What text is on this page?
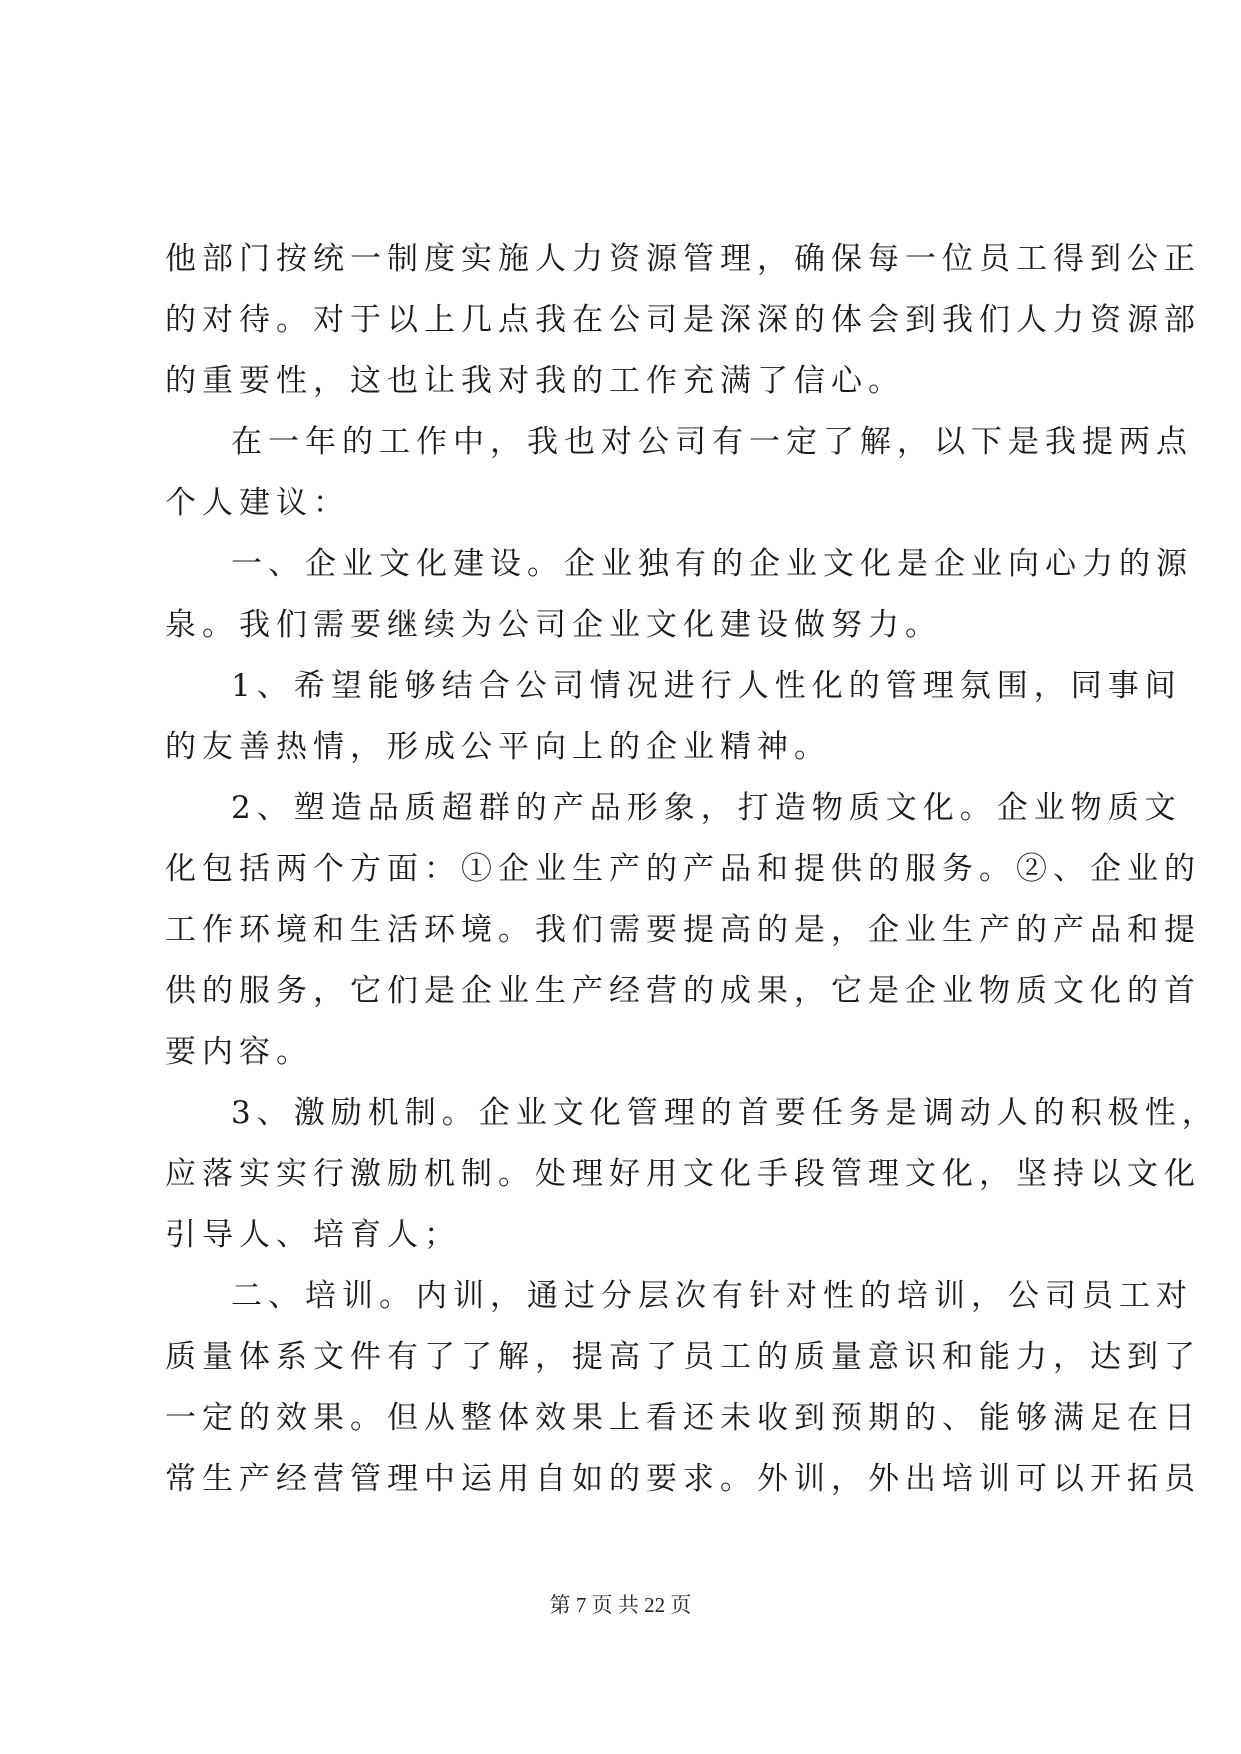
他部门按统一制度实施人力资源管理，确保每一位员工得到公正
的对待。对于以上几点我在公司是深深的体会到我们人力资源部
的重要性，这也让我对我的工作充满了信心。
在一年的工作中，我也对公司有一定了解，以下是我提两点
个人建议：
一、企业文化建设。企业独有的企业文化是企业向心力的源
泉。我们需要继续为公司企业文化建设做努力。
1、希望能够结合公司情况进行人性化的管理氛围，同事间
的友善热情，形成公平向上的企业精神。
2、塑造品质超群的产品形象，打造物质文化。企业物质文
化包括两个方面：①企业生产的产品和提供的服务。②、企业的
工作环境和生活环境。我们需要提高的是，企业生产的产品和提
供的服务，它们是企业生产经营的成果，它是企业物质文化的首
要内容。
3、激励机制。企业文化管理的首要任务是调动人的积极性，
应落实实行激励机制。处理好用文化手段管理文化，坚持以文化
引导人、培育人；
二、培训。内训，通过分层次有针对性的培训，公司员工对
质量体系文件有了了解，提高了员工的质量意识和能力，达到了
一定的效果。但从整体效果上看还未收到预期的、能够满足在日
常生产经营管理中运用自如的要求。外训，外出培训可以开拓员
第 7 页 共 22 页
